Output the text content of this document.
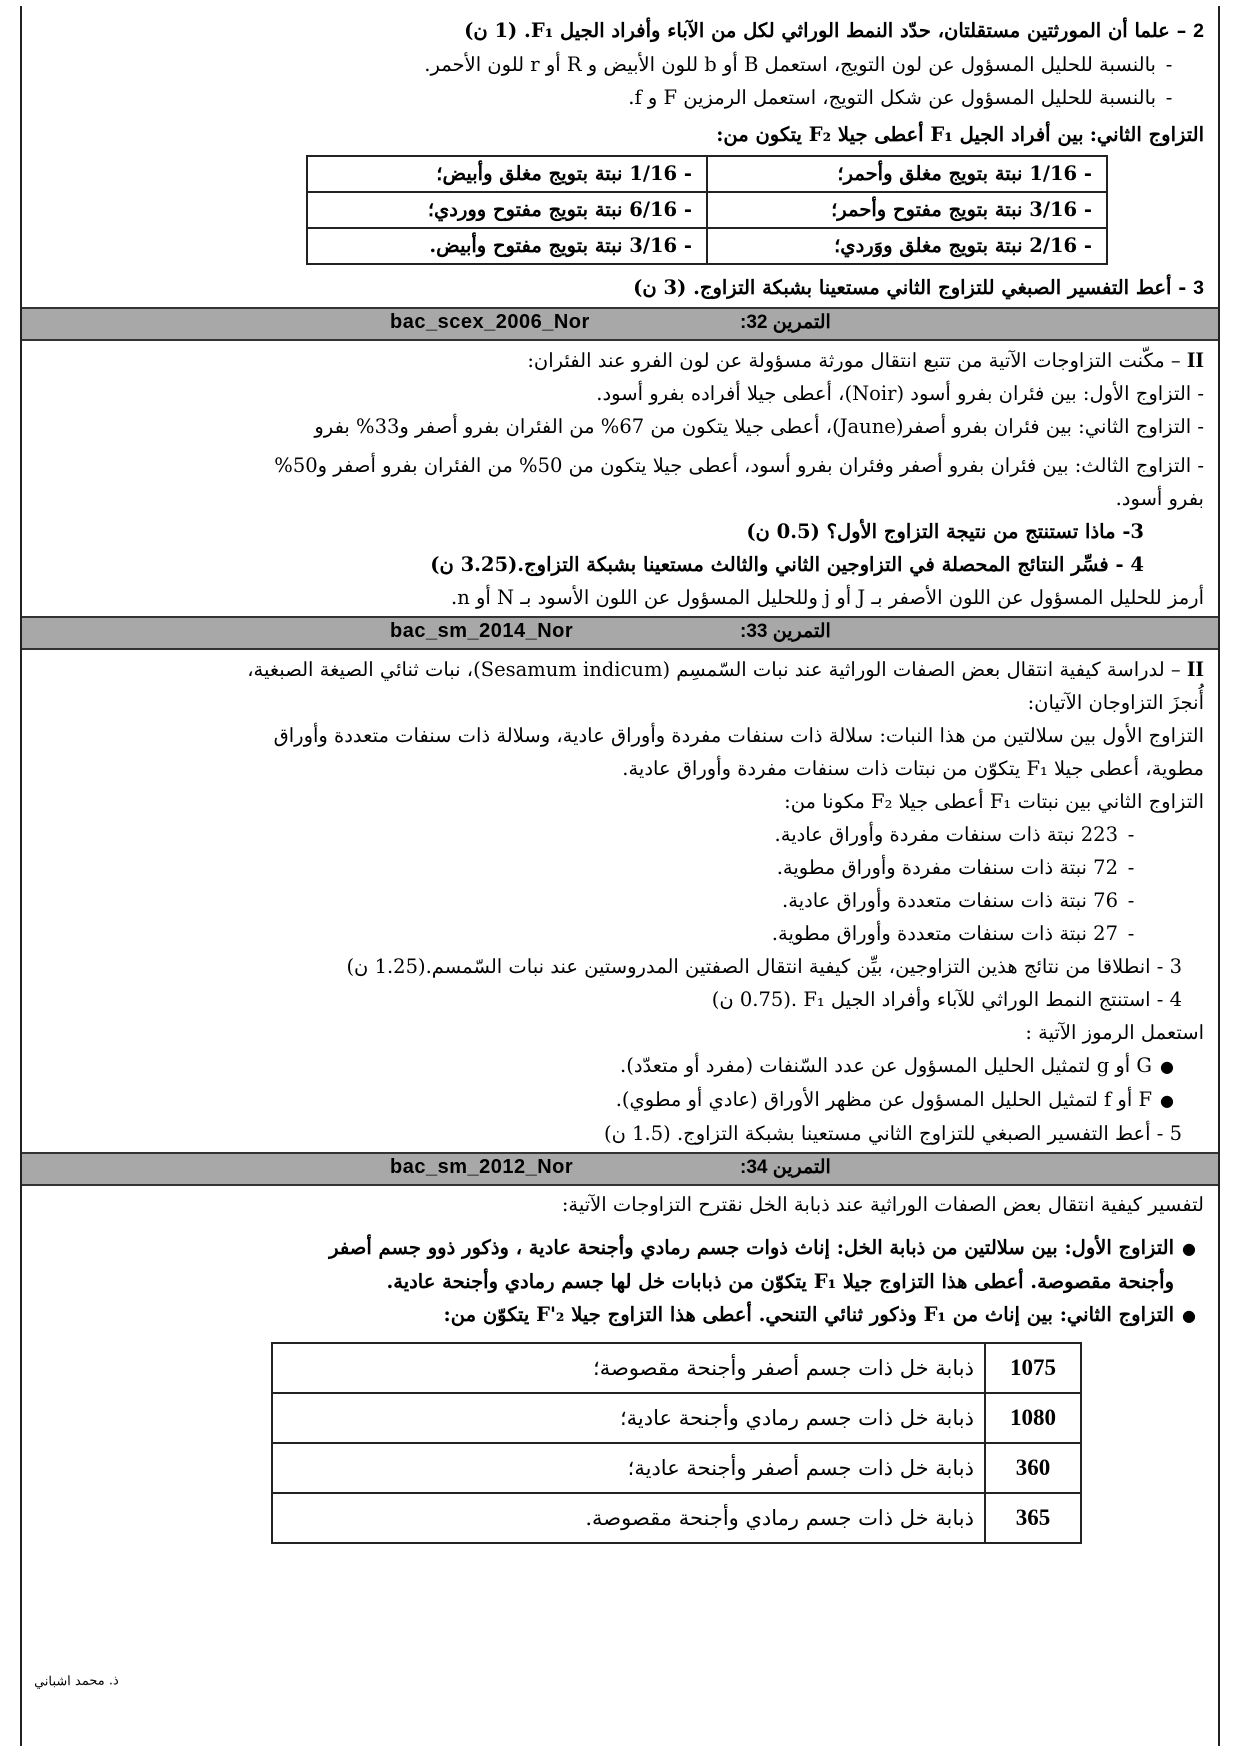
2 – علما أن المورثتين مستقلتان، حدّد النمط الوراثي لكل من الآباء وأفراد الجيل F₁. (1 ن)
-بالنسبة للحليل المسؤول عن لون التويج، استعمل B أو b للون الأبيض و R أو r للون الأحمر.
-بالنسبة للحليل المسؤول عن شكل التويج، استعمل الرمزين F و f.
التزاوج الثاني: بين أفراد الجيل F₁ أعطى جيلا F₂ يتكون من:
- 1/16 نبتة بتويج مغلق وأحمر؛	- 1/16 نبتة بتويج مغلق وأبيض؛
- 3/16 نبتة بتويج مفتوح وأحمر؛	- 6/16 نبتة بتويج مفتوح ووردي؛
- 2/16 نبتة بتويج مغلق ووَردي؛	- 3/16 نبتة بتويج مفتوح وأبيض.
3 - أعط التفسير الصبغي للتزاوج الثاني مستعينا بشبكة التزاوج. (3 ن)
bac_scex_2006_Nor	التمرين 32:
II – مكّنت التزاوجات الآتية من تتبع انتقال مورثة مسؤولة عن لون الفرو عند الفئران:
- التزاوج الأول: بين فئران بفرو أسود (Noir)، أعطى جيلا أفراده بفرو أسود.
- التزاوج الثاني: بين فئران بفرو أصفر(Jaune)، أعطى جيلا يتكون من 67% من الفئران بفرو أصفر و33% بفرو
- التزاوج الثالث: بين فئران بفرو أصفر وفئران بفرو أسود، أعطى جيلا يتكون من 50% من الفئران بفرو أصفر و50%
بفرو أسود.
3- ماذا تستنتج من نتيجة التزاوج الأول؟ (0.5 ن)
4 - فسِّر النتائج المحصلة في التزاوجين الثاني والثالث مستعينا بشبكة التزاوج.(3.25 ن)
أرمز للحليل المسؤول عن اللون الأصفر بـ J أو j وللحليل المسؤول عن اللون الأسود بـ N أو n.
bac_sm_2014_Nor	التمرين 33:
II – لدراسة كيفية انتقال بعض الصفات الوراثية عند نبات السّمسِم (Sesamum indicum)، نبات ثنائي الصيغة الصبغية،
أُنجزَ التزاوجان الآتيان:
التزاوج الأول بين سلالتين من هذا النبات: سلالة ذات سنفات مفردة وأوراق عادية، وسلالة ذات سنفات متعددة وأوراق
مطوية، أعطى جيلا F₁ يتكوّن من نبتات ذات سنفات مفردة وأوراق عادية.
التزاوج الثاني بين نبتات F₁ أعطى جيلا F₂ مكونا من:
-223 نبتة ذات سنفات مفردة وأوراق عادية.
-72 نبتة ذات سنفات مفردة وأوراق مطوية.
-76 نبتة ذات سنفات متعددة وأوراق عادية.
-27 نبتة ذات سنفات متعددة وأوراق مطوية.
3 - انطلاقا من نتائج هذين التزاوجين، بيِّن كيفية انتقال الصفتين المدروستين عند نبات السّمسم.(1.25 ن)
4 - استنتج النمط الوراثي للآباء وأفراد الجيل F₁ .(0.75 ن)
استعمل الرموز الآتية :
●G أو g لتمثيل الحليل المسؤول عن عدد السّنفات (مفرد أو متعدّد).
●F أو f لتمثيل الحليل المسؤول عن مظهر الأوراق (عادي أو مطوي).
5 - أعط التفسير الصبغي للتزاوج الثاني مستعينا بشبكة التزاوج. (1.5 ن)
bac_sm_2012_Nor	التمرين 34:
لتفسير كيفية انتقال بعض الصفات الوراثية عند ذبابة الخل نقترح التزاوجات الآتية:
●التزاوج الأول: بين سلالتين من ذبابة الخل: إناث ذوات جسم رمادي وأجنحة عادية ، وذكور ذوو جسم أصفر
وأجنحة مقصوصة. أعطى هذا التزاوج جيلا F₁ يتكوّن من ذبابات خل لها جسم رمادي وأجنحة عادية.
●التزاوج الثاني: بين إناث من F₁ وذكور ثنائي التنحي. أعطى هذا التزاوج جيلا F'₂ يتكوّن من:
1075	ذبابة خل ذات جسم أصفر وأجنحة مقصوصة؛
1080	ذبابة خل ذات جسم رمادي وأجنحة عادية؛
360	ذبابة خل ذات جسم أصفر وأجنحة عادية؛
365	ذبابة خل ذات جسم رمادي وأجنحة مقصوصة.
ذ. محمد اشباني
